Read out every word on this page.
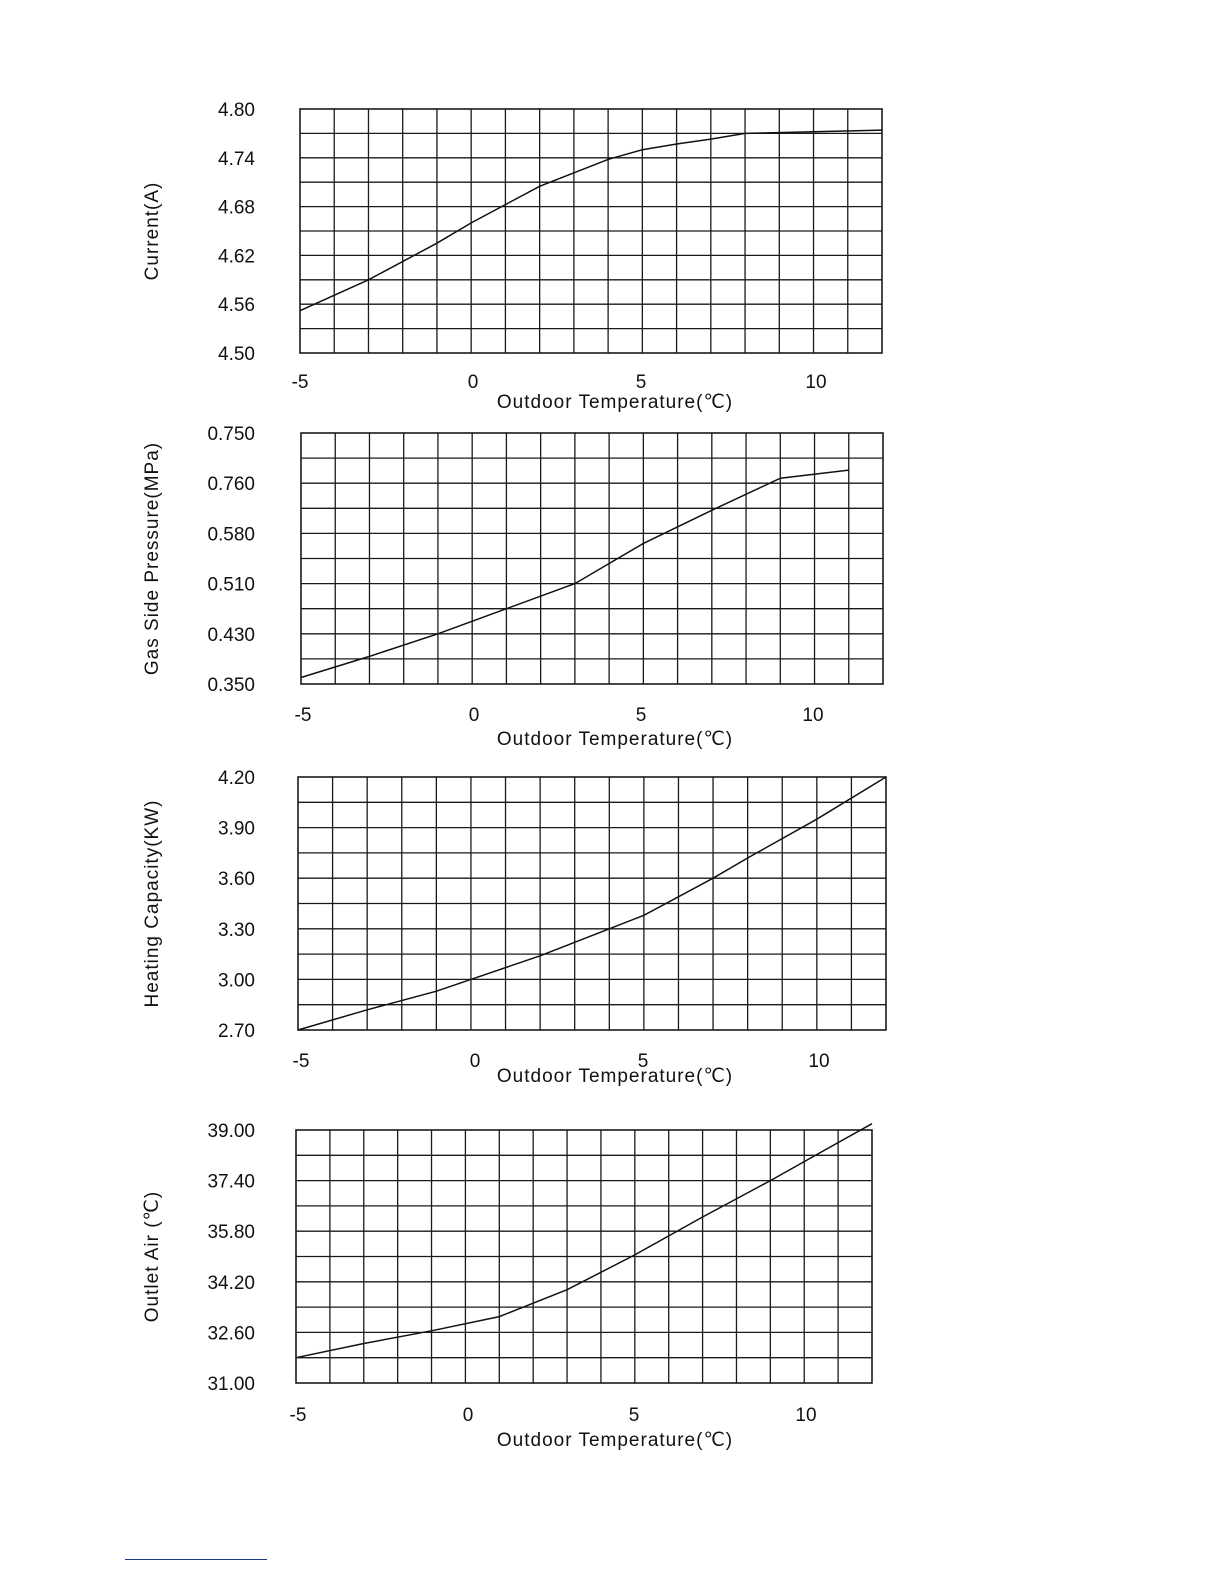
4.80
4.74
4.68
4.62
4.56
4.50
-5	0	5	10
Outdoor Temperature(℃)
Current(A)
0.750
0.760
0.580
0.510
0.430
0.350
-5	0	5	10
Outdoor Temperature(℃)
Gas Side Pressure(MPa)
4.20
3.90
3.60
3.30
3.00
2.70
-5	0	5	10
Outdoor Temperature(℃)
Heating Capacity(KW)
39.00
37.40
35.80
34.20
32.60
31.00
-5	0	5	10
Outdoor Temperature(℃)
Outlet Air (℃)
